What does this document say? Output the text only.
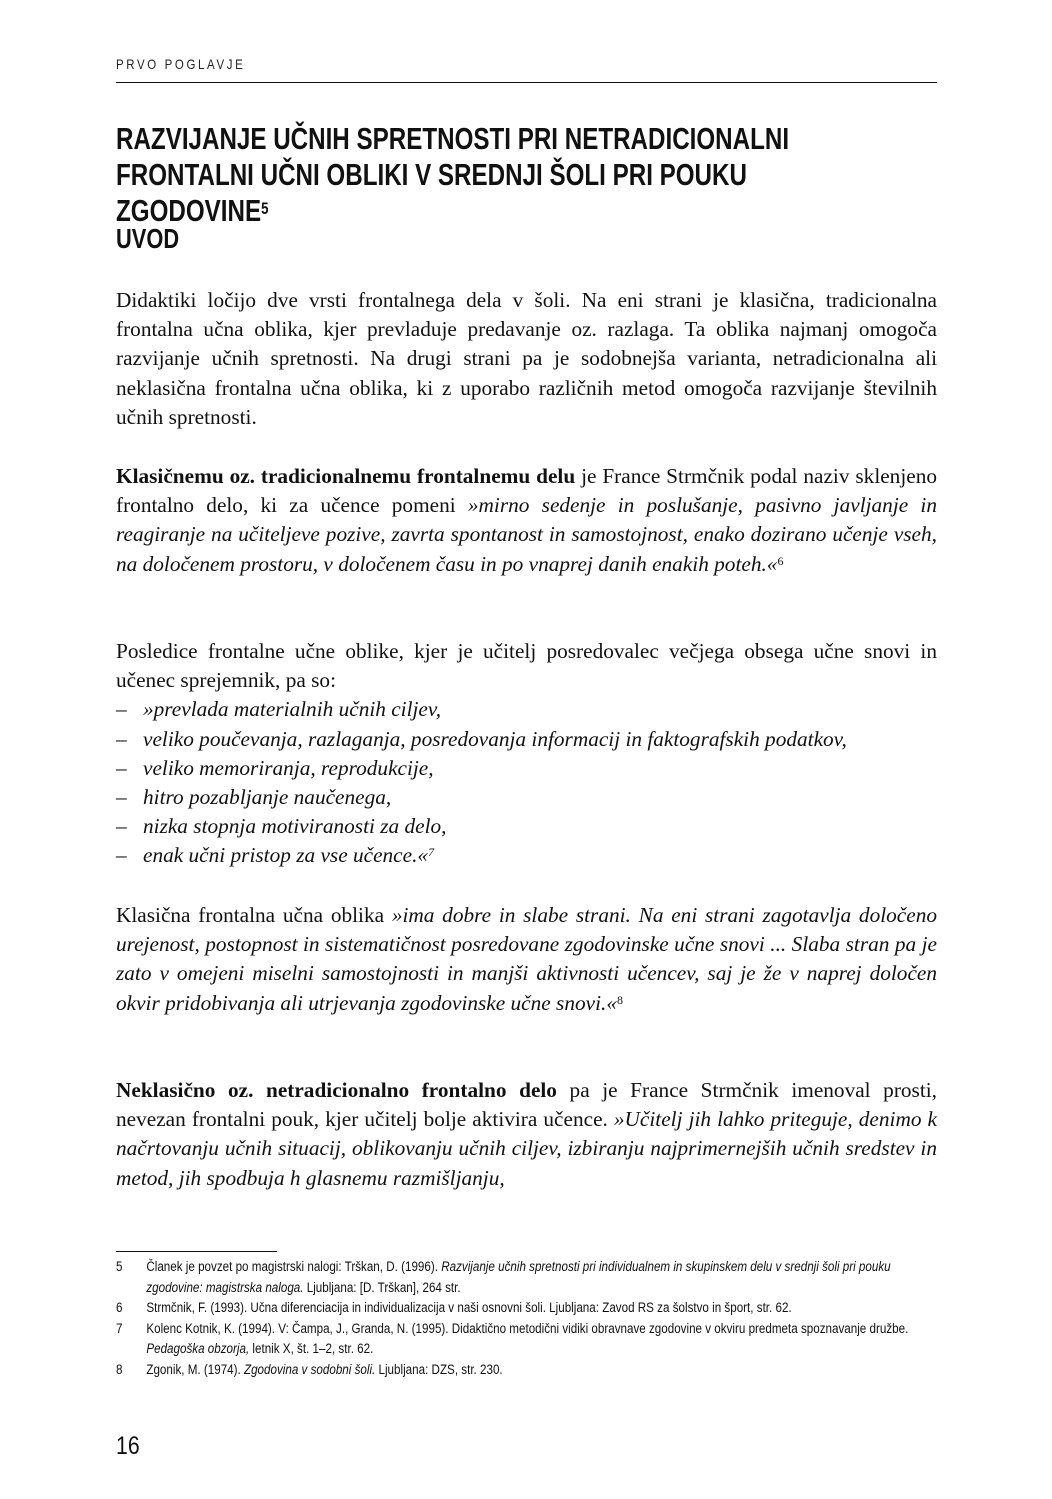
PRVO POGLAVJE
RAZVIJANJE UČNIH SPRETNOSTI PRI NETRADICIONALNI
FRONTALNI UČNI OBLIKI V SREDNJI ŠOLI PRI POUKU ZGODOVINE$^5$
UVOD

Didaktiki ločijo dve vrsti frontalnega dela v šoli. Na eni strani je klasična, tradicionalna frontalna učna oblika, kjer prevladuje predavanje oz. razlaga. Ta oblika najmanj omogoča razvijanje učnih spretnosti. Na drugi strani pa je sodobnejša varianta, netradicionalna ali neklasična frontalna učna oblika, ki z uporabo različnih metod omogoča razvijanje številnih učnih spretnosti.

Klasičnemu oz. tradicionalnemu frontalnemu delu je France Strmčnik podal naziv sklenjeno frontalno delo, ki za učence pomeni »mirno sedenje in poslušanje, pasivno javljanje in reagiranje na učiteljeve pozive, zavrta spontanost in samostojnost, enako dozirano učenje vseh, na določenem prostoru, v določenem času in po vnaprej danih enakih poteh.«$^6$

Posledice frontalne učne oblike, kjer je učitelj posredovalec večjega obsega učne snovi in učenec sprejemnik, pa so:
– »prevlada materialnih učnih ciljev,
– veliko poučevanja, razlaganja, posredovanja informacij in faktografskih podatkov,
– veliko memoriranja, reprodukcije,
– hitro pozabljanje naučenega,
– nizka stopnja motiviranosti za delo,
– enak učni pristop za vse učence.«$^7$

Klasična frontalna učna oblika »ima dobre in slabe strani. Na eni strani zagotavlja določeno urejenost, postopnost in sistematičnost posredovane zgodovinske učne snovi ... Slaba stran pa je zato v omejeni miselni samostojnosti in manjši aktivnosti učencev, saj je že v naprej določen okvir pridobivanja ali utrjevanja zgodovinske učne snovi.«$^8$

Neklasično oz. netradicionalno frontalno delo pa je France Strmčnik imenoval prosti, nevezan frontalni pouk, kjer učitelj bolje aktivira učence. »Učitelj jih lahko priteguje, denimo k načrtovanju učnih situacij, oblikovanju učnih ciljev, izbiranju najprimernejših učnih sredstev in metod, jih spodbuja h glasnemu razmišljanju,

5 Članek je povzet po magistrski nalogi: Trškan, D. (1996). Razvijanje učnih spretnosti pri individualnem in skupinskem delu v srednji šoli pri pouku zgodovine: magistrska naloga. Ljubljana: [D. Trškan], 264 str.
6 Strmčnik, F. (1993). Učna diferenciacija in individualizacija v naši osnovni šoli. Ljubljana: Zavod RS za šolstvo in šport, str. 62.
7 Kolenc Kotnik, K. (1994). V: Čampa, J., Granda, N. (1995). Didaktično metodični vidiki obravnave zgodovine v okviru predmeta spoznavanje družbe. Pedagoška obzorja, letnik X, št. 1–2, str. 62.
8 Zgonik, M. (1974). Zgodovina v sodobni šoli. Ljubljana: DZS, str. 230.
16
